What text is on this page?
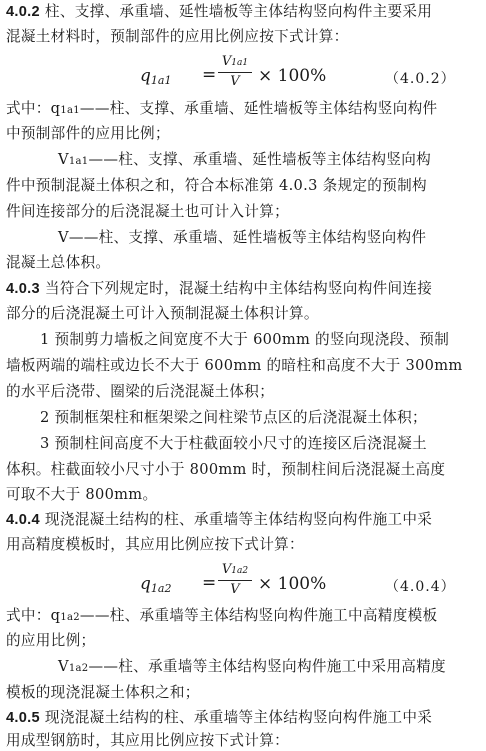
4.0.2 柱、支撑、承重墙、延性墙板等主体结构竖向构件主要采用
混凝土材料时，预制部件的应用比例应按下式计算：
q1a1 =
V1a1
V	× 100%	（4.0.2）
式中：q1a1——柱、支撑、承重墙、延性墙板等主体结构竖向构件
中预制部件的应用比例；
V1a1——柱、支撑、承重墙、延性墙板等主体结构竖向构
件中预制混凝土体积之和，符合本标准第 4.0.3 条规定的预制构
件间连接部分的后浇混凝土也可计入计算；
V——柱、支撑、承重墙、延性墙板等主体结构竖向构件
混凝土总体积。
4.0.3 当符合下列规定时，混凝土结构中主体结构竖向构件间连接
部分的后浇混凝土可计入预制混凝土体积计算。
1 预制剪力墙板之间宽度不大于 600mm 的竖向现浇段、预制
墙板两端的端柱或边长不大于 600mm 的暗柱和高度不大于 300mm
的水平后浇带、圈梁的后浇混凝土体积；
2 预制框架柱和框架梁之间柱梁节点区的后浇混凝土体积；
3 预制柱间高度不大于柱截面较小尺寸的连接区后浇混凝土
体积。柱截面较小尺寸小于 800mm 时，预制柱间后浇混凝土高度
可取不大于 800mm。
4.0.4 现浇混凝土结构的柱、承重墙等主体结构竖向构件施工中采
用高精度模板时，其应用比例应按下式计算：
q1a2 =
V1a2
V	× 100%	（4.0.4）
式中：q1a2——柱、承重墙等主体结构竖向构件施工中高精度模板
的应用比例；
V1a2——柱、承重墙等主体结构竖向构件施工中采用高精度
模板的现浇混凝土体积之和；
4.0.5 现浇混凝土结构的柱、承重墙等主体结构竖向构件施工中采
用成型钢筋时，其应用比例应按下式计算：
